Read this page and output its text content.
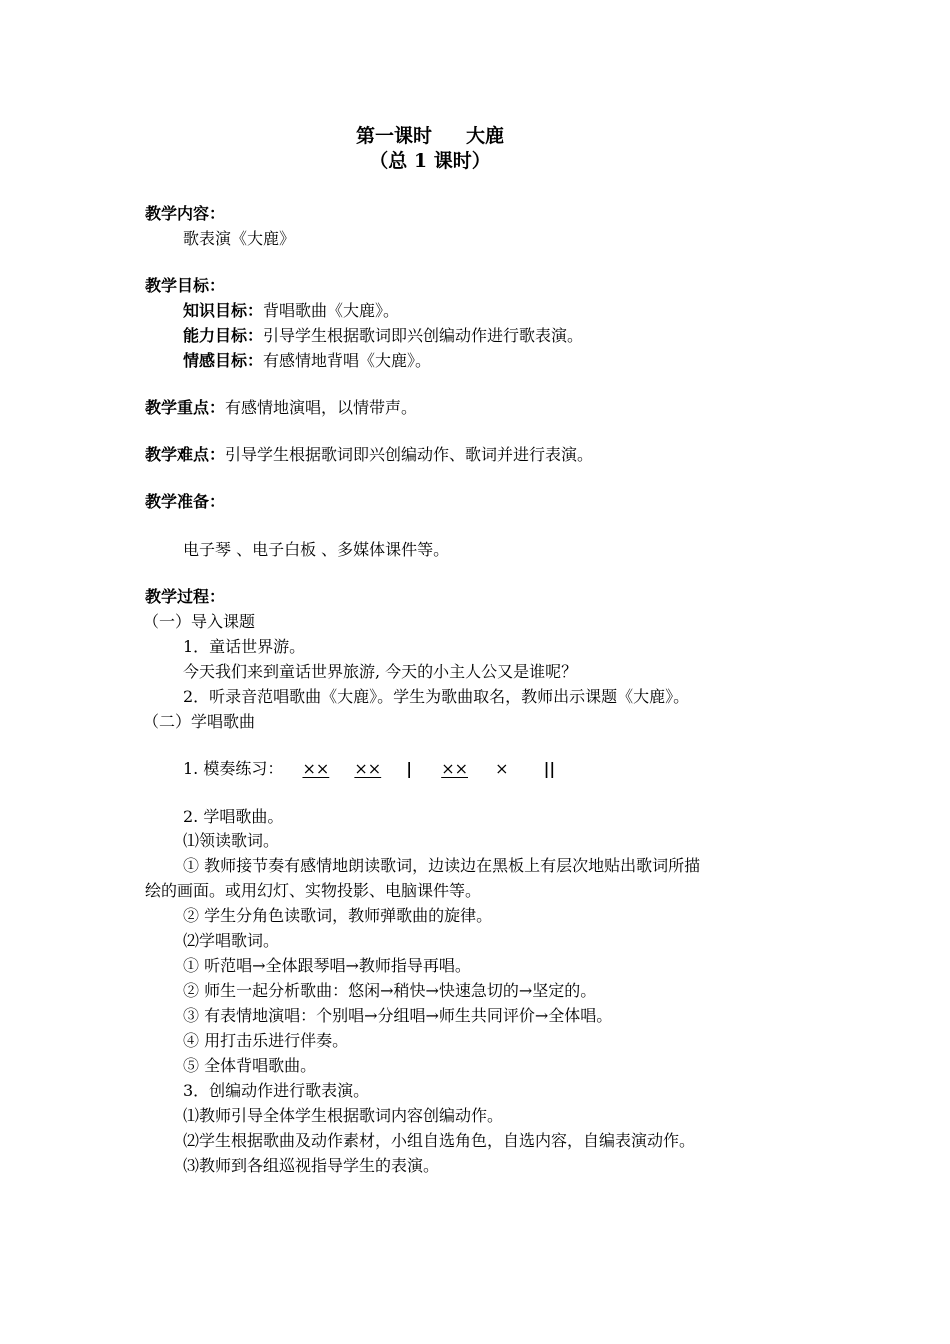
第一课时 大鹿
（总 1 课时）
教学内容：
歌表演《大鹿》
教学目标：
知识目标：背唱歌曲《大鹿》。
能力目标：引导学生根据歌词即兴创编动作进行歌表演。
情感目标：有感情地背唱《大鹿》。
教学重点：有感情地演唱，以情带声。
教学难点：引导学生根据歌词即兴创编动作、歌词并进行表演。
教学准备：
电子琴 、电子白板 、多媒体课件等。
教学过程：
（一）导入课题
1．童话世界游。
今天我们来到童话世界旅游, 今天的小主人公又是谁呢？
2．听录音范唱歌曲《大鹿》。学生为歌曲取名，教师出示课题《大鹿》。
（二）学唱歌曲
1. 模奏练习： ×× ×× | ×× × ||
2. 学唱歌曲。
⑴领读歌词。
① 教师接节奏有感情地朗读歌词，边读边在黑板上有层次地贴出歌词所描
绘的画面。或用幻灯、实物投影、电脑课件等。
② 学生分角色读歌词，教师弹歌曲的旋律。
⑵学唱歌词。
① 听范唱→全体跟琴唱→教师指导再唱。
② 师生一起分析歌曲：悠闲→稍快→快速急切的→坚定的。
③ 有表情地演唱：个别唱→分组唱→师生共同评价→全体唱。
④ 用打击乐进行伴奏。
⑤ 全体背唱歌曲。
3．创编动作进行歌表演。
⑴教师引导全体学生根据歌词内容创编动作。
⑵学生根据歌曲及动作素材，小组自选角色，自选内容，自编表演动作。
⑶教师到各组巡视指导学生的表演。
